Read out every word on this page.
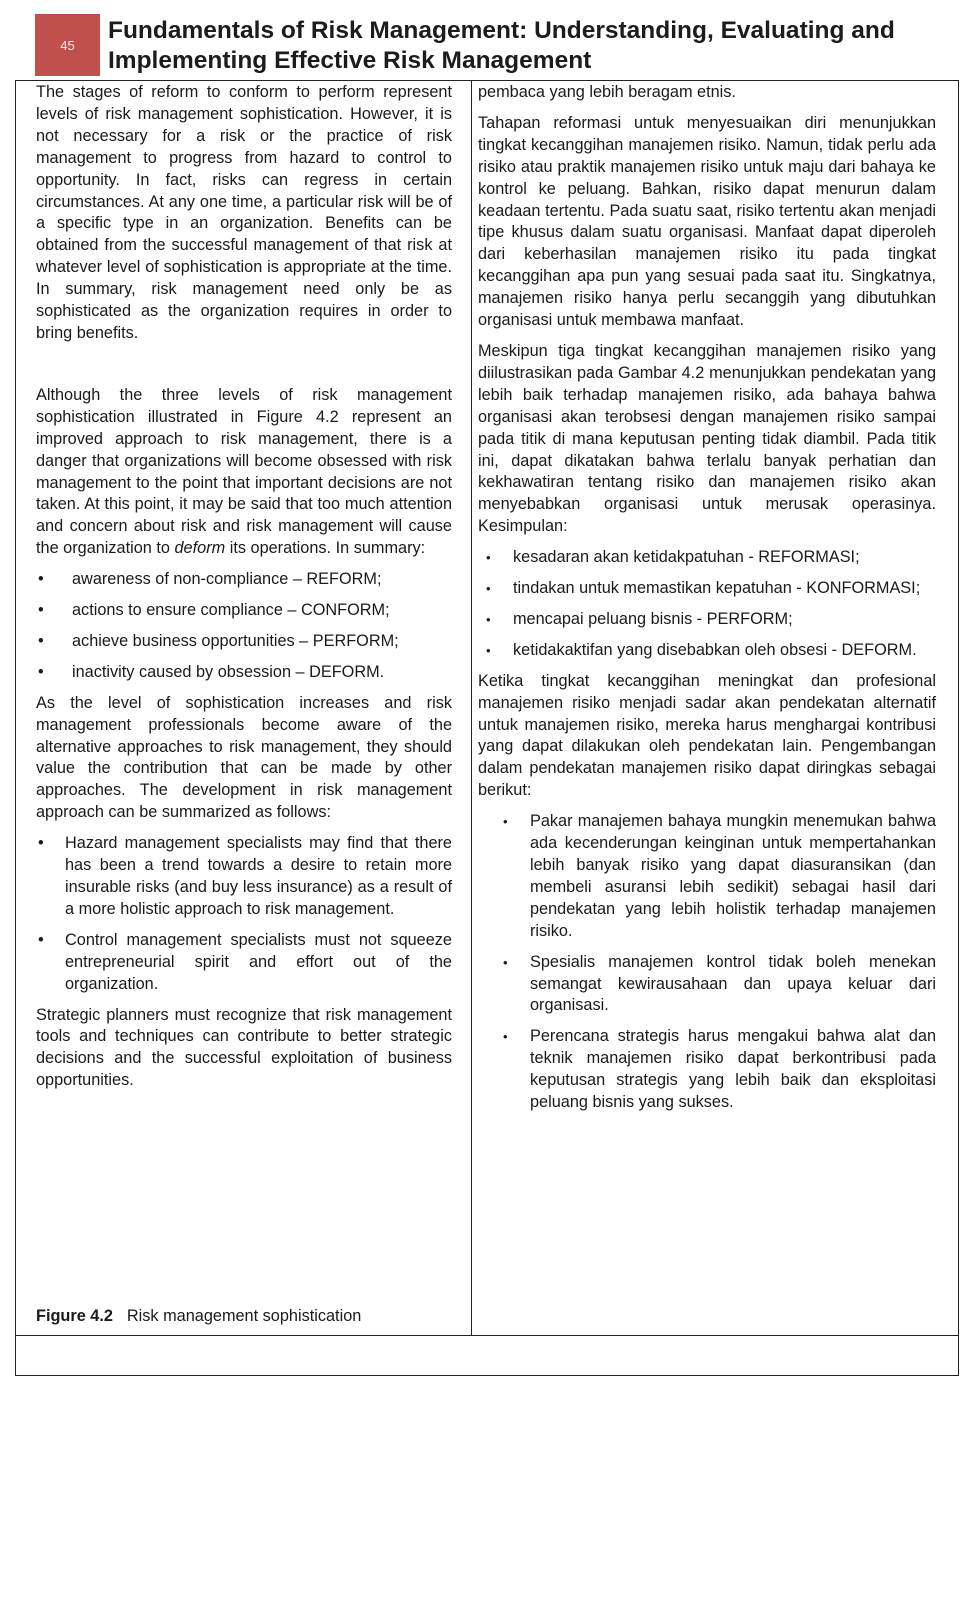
45
Fundamentals of Risk Management: Understanding, Evaluating and Implementing Effective Risk Management

The stages of reform to conform to perform represent levels of risk management sophistication. However, it is not necessary for a risk or the practice of risk management to progress from hazard to control to opportunity. In fact, risks can regress in certain circumstances. At any one time, a particular risk will be of a specific type in an organization. Benefits can be obtained from the successful management of that risk at whatever level of sophistication is appropriate at the time. In summary, risk management need only be as sophisticated as the organization requires in order to bring benefits.

Although the three levels of risk management sophistication illustrated in Figure 4.2 represent an improved approach to risk management, there is a danger that organizations will become obsessed with risk management to the point that important decisions are not taken. At this point, it may be said that too much attention and concern about risk and risk management will cause the organization to deform its operations. In summary:

• awareness of non-compliance – REFORM;
• actions to ensure compliance – CONFORM;
• achieve business opportunities – PERFORM;
• inactivity caused by obsession – DEFORM.

As the level of sophistication increases and risk management professionals become aware of the alternative approaches to risk management, they should value the contribution that can be made by other approaches. The development in risk management approach can be summarized as follows:

• Hazard management specialists may find that there has been a trend towards a desire to retain more insurable risks (and buy less insurance) as a result of a more holistic approach to risk management.
• Control management specialists must not squeeze entrepreneurial spirit and effort out of the organization.

Strategic planners must recognize that risk management tools and techniques can contribute to better strategic decisions and the successful exploitation of business opportunities.

pembaca yang lebih beragam etnis.

Tahapan reformasi untuk menyesuaikan diri menunjukkan tingkat kecanggihan manajemen risiko. Namun, tidak perlu ada risiko atau praktik manajemen risiko untuk maju dari bahaya ke kontrol ke peluang. Bahkan, risiko dapat menurun dalam keadaan tertentu. Pada suatu saat, risiko tertentu akan menjadi tipe khusus dalam suatu organisasi. Manfaat dapat diperoleh dari keberhasilan manajemen risiko itu pada tingkat kecanggihan apa pun yang sesuai pada saat itu. Singkatnya, manajemen risiko hanya perlu secanggih yang dibutuhkan organisasi untuk membawa manfaat.

Meskipun tiga tingkat kecanggihan manajemen risiko yang diilustrasikan pada Gambar 4.2 menunjukkan pendekatan yang lebih baik terhadap manajemen risiko, ada bahaya bahwa organisasi akan terobsesi dengan manajemen risiko sampai pada titik di mana keputusan penting tidak diambil. Pada titik ini, dapat dikatakan bahwa terlalu banyak perhatian dan kekhawatiran tentang risiko dan manajemen risiko akan menyebabkan organisasi untuk merusak operasinya. Kesimpulan:

• kesadaran akan ketidakpatuhan - REFORMASI;
• tindakan untuk memastikan kepatuhan - KONFORMASI;
• mencapai peluang bisnis - PERFORM;
• ketidakaktifan yang disebabkan oleh obsesi - DEFORM.

Ketika tingkat kecanggihan meningkat dan profesional manajemen risiko menjadi sadar akan pendekatan alternatif untuk manajemen risiko, mereka harus menghargai kontribusi yang dapat dilakukan oleh pendekatan lain. Pengembangan dalam pendekatan manajemen risiko dapat diringkas sebagai berikut:

• Pakar manajemen bahaya mungkin menemukan bahwa ada kecenderungan keinginan untuk mempertahankan lebih banyak risiko yang dapat diasuransikan (dan membeli asuransi lebih sedikit) sebagai hasil dari pendekatan yang lebih holistik terhadap manajemen risiko.
• Spesialis manajemen kontrol tidak boleh menekan semangat kewirausahaan dan upaya keluar dari organisasi.
• Perencana strategis harus mengakui bahwa alat dan teknik manajemen risiko dapat berkontribusi pada keputusan strategis yang lebih baik dan eksploitasi peluang bisnis yang sukses.
Figure 4.2 Risk management sophistication
